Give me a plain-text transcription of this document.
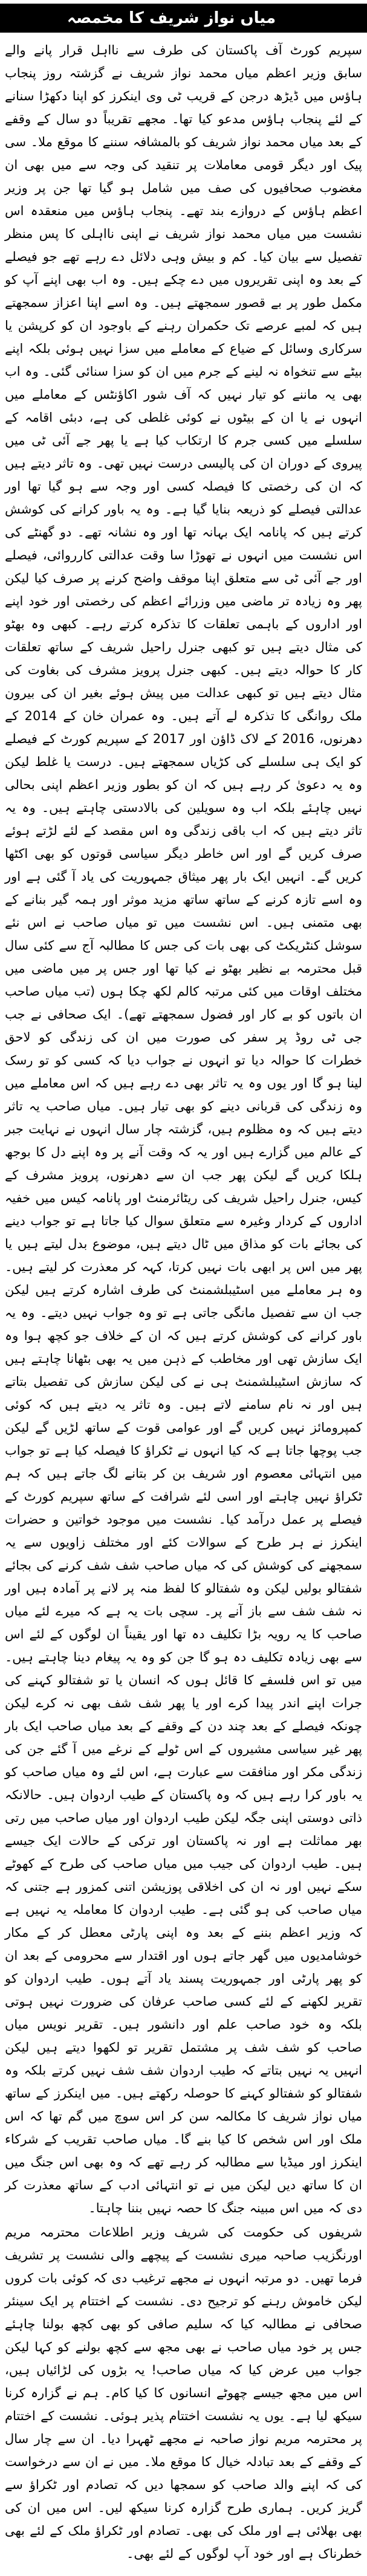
میاں نواز شریف کا مخمصہ

سپریم کورٹ آف پاکستان کی طرف سے نااہل قرار پانے والے سابق وزیر اعظم میاں محمد نواز شریف نے گزشتہ روز پنجاب ہاؤس میں ڈیڑھ درجن کے قریب ٹی وی اینکرز کو اپنا دکھڑا سنانے کے لئے پنجاب ہاؤس مدعو کیا تھا۔ مجھے تقریباً دو سال کے وقفے کے بعد میاں محمد نواز شریف کو بالمشافہ سننے کا موقع ملا۔ سی پیک اور دیگر قومی معاملات پر تنقید کی وجہ سے میں بھی ان مغضوب صحافیوں کی صف میں شامل ہو گیا تھا جن پر وزیر اعظم ہاؤس کے دروازے بند تھے۔ پنجاب ہاؤس میں منعقدہ اس نشست میں میاں محمد نواز شریف نے اپنی نااہلی کا پس منظر تفصیل سے بیان کیا۔ کم و بیش وہی دلائل دے رہے تھے جو فیصلے کے بعد وہ اپنی تقریروں میں دے چکے ہیں۔ وہ اب بھی اپنے آپ کو مکمل طور پر بے قصور سمجھتے ہیں۔ وہ اسے اپنا اعزاز سمجھتے ہیں کہ لمبے عرصے تک حکمران رہنے کے باوجود ان کو کرپشن یا سرکاری وسائل کے ضیاع کے معاملے میں سزا نہیں ہوئی بلکہ اپنے بیٹے سے تنخواہ نہ لینے کے جرم میں ان کو سزا سنائی گئی۔ وہ اب بھی یہ ماننے کو تیار نہیں کہ آف شور اکاؤنٹس کے معاملے میں انہوں نے یا ان کے بیٹوں نے کوئی غلطی کی ہے، دبئی اقامہ کے سلسلے میں کسی جرم کا ارتکاب کیا ہے یا پھر جے آئی ٹی میں پیروی کے دوران ان کی پالیسی درست نہیں تھی۔ وہ تاثر دیتے ہیں کہ ان کی رخصتی کا فیصلہ کسی اور وجہ سے ہو گیا تھا اور عدالتی فیصلے کو ذریعہ بنایا گیا ہے۔ وہ یہ باور کرانے کی کوشش کرتے ہیں کہ پانامہ ایک بہانہ تھا اور وہ نشانہ تھے۔ دو گھنٹے کی اس نشست میں انہوں نے تھوڑا سا وقت عدالتی کارروائی، فیصلے اور جے آئی ٹی سے متعلق اپنا موقف واضح کرنے پر صرف کیا لیکن پھر وہ زیادہ تر ماضی میں وزرائے اعظم کی رخصتی اور خود اپنے اور اداروں کے باہمی تعلقات کا تذکرہ کرتے رہے۔ کبھی وہ بھٹو کی مثال دیتے ہیں تو کبھی جنرل راحیل شریف کے ساتھ تعلقات کار کا حوالہ دیتے ہیں۔ کبھی جنرل پرویز مشرف کی بغاوت کی مثال دیتے ہیں تو کبھی عدالت میں پیش ہوئے بغیر ان کی بیرون ملک روانگی کا تذکرہ لے آتے ہیں۔ وہ عمران خان کے 2014 کے دھرنوں، 2016 کے لاک ڈاؤن اور 2017 کے سپریم کورٹ کے فیصلے کو ایک ہی سلسلے کی کڑیاں سمجھتے ہیں۔ درست یا غلط لیکن وہ یہ دعویٰ کر رہے ہیں کہ ان کو بطور وزیر اعظم اپنی بحالی نہیں چاہئے بلکہ اب وہ سویلین کی بالادستی چاہتے ہیں۔ وہ یہ تاثر دیتے ہیں کہ اب باقی زندگی وہ اس مقصد کے لئے لڑتے ہوئے صرف کریں گے اور اس خاطر دیگر سیاسی قوتوں کو بھی اکٹھا کریں گے۔ انہیں ایک بار پھر میثاق جمہوریت کی یاد آ گئی ہے اور وہ اسے تازہ کرنے کے ساتھ ساتھ مزید موثر اور ہمہ گیر بنانے کے بھی متمنی ہیں۔ اس نشست میں تو میاں صاحب نے اس نئے سوشل کنٹریکٹ کی بھی بات کی جس کا مطالبہ آج سے کئی سال قبل محترمہ بے نظیر بھٹو نے کیا تھا اور جس پر میں ماضی میں مختلف اوقات میں کئی مرتبہ کالم لکھ چکا ہوں (تب میاں صاحب ان باتوں کو بے کار اور فضول سمجھتے تھے)۔ ایک صحافی نے جب جی ٹی روڈ پر سفر کی صورت میں ان کی زندگی کو لاحق خطرات کا حوالہ دیا تو انہوں نے جواب دیا کہ کسی کو تو رسک لینا ہو گا اور یوں وہ یہ تاثر بھی دے رہے ہیں کہ اس معاملے میں وہ زندگی کی قربانی دینے کو بھی تیار ہیں۔ میاں صاحب یہ تاثر دیتے ہیں کہ وہ مظلوم ہیں، گزشتہ چار سال انہوں نے نہایت جبر کے عالم میں گزارے ہیں اور یہ کہ وقت آنے پر وہ اپنے دل کا بوجھ ہلکا کریں گے لیکن پھر جب ان سے دھرنوں، پرویز مشرف کے کیس، جنرل راحیل شریف کی ریٹائرمنٹ اور پانامہ کیس میں خفیہ اداروں کے کردار وغیرہ سے متعلق سوال کیا جاتا ہے تو جواب دینے کی بجائے بات کو مذاق میں ٹال دیتے ہیں، موضوع بدل لیتے ہیں یا پھر میں اس پر ابھی بات نہیں کرتا، کہہ کر معذرت کر لیتے ہیں۔ وہ ہر معاملے میں اسٹیبلشمنٹ کی طرف اشارہ کرتے ہیں لیکن جب ان سے تفصیل مانگی جاتی ہے تو وہ جواب نہیں دیتے۔ وہ یہ باور کرانے کی کوشش کرتے ہیں کہ ان کے خلاف جو کچھ ہوا وہ ایک سازش تھی اور مخاطب کے ذہن میں یہ بھی بٹھانا چاہتے ہیں کہ سازش اسٹیبلشمنٹ ہی نے کی لیکن سازش کی تفصیل بتاتے ہیں اور نہ نام سامنے لاتے ہیں۔ وہ تاثر یہ دیتے ہیں کہ کوئی کمپرومائز نہیں کریں گے اور عوامی قوت کے ساتھ لڑیں گے لیکن جب پوچھا جاتا ہے کہ کیا انہوں نے ٹکراؤ کا فیصلہ کیا ہے تو جواب میں انتہائی معصوم اور شریف بن کر بتانے لگ جاتے ہیں کہ ہم ٹکراؤ نہیں چاہتے اور اسی لئے شرافت کے ساتھ سپریم کورٹ کے فیصلے پر عمل درآمد کیا۔ نشست میں موجود خواتین و حضرات اینکرز نے ہر طرح کے سوالات کئے اور مختلف زاویوں سے یہ سمجھنے کی کوشش کی کہ میاں صاحب شف شف کرنے کی بجائے شفتالو بولیں لیکن وہ شفتالو کا لفظ منہ پر لانے پر آمادہ ہیں اور نہ شف شف سے باز آنے پر۔ سچی بات یہ ہے کہ میرے لئے میاں صاحب کا یہ رویہ بڑا تکلیف دہ تھا اور یقیناً ان لوگوں کے لئے اس سے بھی زیادہ تکلیف دہ ہو گا جن کو وہ یہ پیغام دینا چاہتے ہیں۔ میں تو اس فلسفے کا قائل ہوں کہ انسان یا تو شفتالو کہنے کی جرات اپنے اندر پیدا کرے اور یا پھر شف شف بھی نہ کرے لیکن چونکہ فیصلے کے بعد چند دن کے وقفے کے بعد میاں صاحب ایک بار پھر غیر سیاسی مشیروں کے اس ٹولے کے نرغے میں آ گئے جن کی زندگی مکر اور منافقت سے عبارت ہے، اس لئے وہ میاں صاحب کو یہ باور کرا رہے ہیں کہ وہ پاکستان کے طیب اردوان ہیں۔ حالانکہ ذاتی دوستی اپنی جگہ لیکن طیب اردوان اور میاں صاحب میں رتی بھر مماثلت ہے اور نہ پاکستان اور ترکی کے حالات ایک جیسے ہیں۔ طیب اردوان کی جیب میں میاں صاحب کی طرح کے کھوٹے سکے نہیں اور نہ ان کی اخلاقی پوزیشن اتنی کمزور ہے جتنی کہ میاں صاحب کی ہو گئی ہے۔ طیب اردوان کا معاملہ یہ نہیں ہے کہ وزیر اعظم بننے کے بعد وہ اپنی پارٹی معطل کر کے مکار خوشامدیوں میں گھر جاتے ہوں اور اقتدار سے محرومی کے بعد ان کو پھر پارٹی اور جمہوریت پسند یاد آتے ہوں۔ طیب اردوان کو تقریر لکھنے کے لئے کسی صاحب عرفان کی ضرورت نہیں ہوتی بلکہ وہ خود صاحب علم اور دانشور ہیں۔ تقریر نویس میاں صاحب کو شف شف پر مشتمل تقریر تو لکھوا دیتے ہیں لیکن انہیں یہ نہیں بتاتے کہ طیب اردوان شف شف نہیں کرتے بلکہ وہ شفتالو کو شفتالو کہنے کا حوصلہ رکھتے ہیں۔ میں اینکرز کے ساتھ میاں نواز شریف کا مکالمہ سن کر اس سوچ میں گم تھا کہ اس ملک اور اس شخص کا کیا بنے گا۔ میاں صاحب تقریب کے شرکاء اینکرز اور میڈیا سے مطالبہ کر رہے تھے کہ وہ بھی اس جنگ میں ان کا ساتھ دیں لیکن میں نے تو انتہائی ادب کے ساتھ معذرت کر دی کہ میں اس مبینہ جنگ کا حصہ نہیں بننا چاہتا۔

شریفوں کی حکومت کی شریف وزیر اطلاعات محترمہ مریم اورنگزیب صاحبہ میری نشست کے پیچھے والی نشست پر تشریف فرما تھیں۔ دو مرتبہ انہوں نے مجھے ترغیب دی کہ کوئی بات کروں لیکن خاموش رہنے کو ترجیح دی۔ نشست کے اختتام پر ایک سینئر صحافی نے مطالبہ کیا کہ سلیم صافی کو بھی کچھ بولنا چاہئے جس پر خود میاں صاحب نے بھی مجھ سے کچھ بولنے کو کہا لیکن جواب میں عرض کیا کہ میاں صاحب! یہ بڑوں کی لڑائیاں ہیں، اس میں مجھ جیسے چھوٹے انسانوں کا کیا کام۔ ہم نے گزارہ کرنا سیکھ لیا ہے۔ یوں یہ نشست اختتام پذیر ہوئی۔ نشست کے اختتام پر محترمہ مریم نواز صاحبہ نے مجھے ٹھہرا دیا۔ ان سے چار سال کے وقفے کے بعد تبادلہ خیال کا موقع ملا۔ میں نے ان سے درخواست کی کہ اپنے والد صاحب کو سمجھا دیں کہ تصادم اور ٹکراؤ سے گریز کریں۔ ہماری طرح گزارہ کرنا سیکھ لیں۔ اس میں ان کی بھی بھلائی ہے اور ملک کی بھی۔ تصادم اور ٹکراؤ ملک کے لئے بھی خطرناک ہے اور خود آپ لوگوں کے لئے بھی۔
